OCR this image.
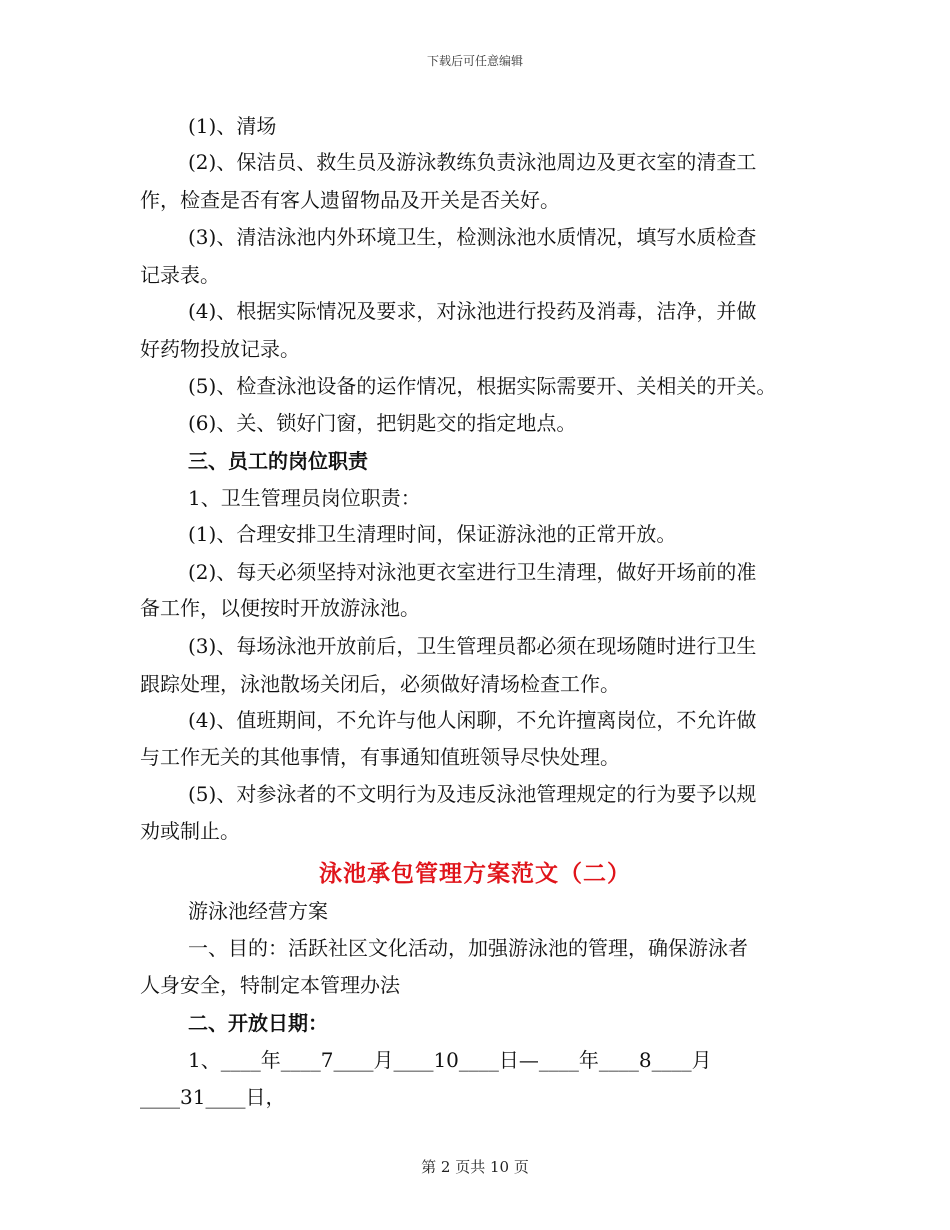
下载后可任意编辑
(1)、清场
(2)、保洁员、救生员及游泳教练负责泳池周边及更衣室的清查工
作，检查是否有客人遗留物品及开关是否关好。
(3)、清洁泳池内外环境卫生，检测泳池水质情况，填写水质检查
记录表。
(4)、根据实际情况及要求，对泳池进行投药及消毒，洁净，并做
好药物投放记录。
(5)、检查泳池设备的运作情况，根据实际需要开、关相关的开关。
(6)、关、锁好门窗，把钥匙交的指定地点。
三、员工的岗位职责
1、卫生管理员岗位职责：
(1)、合理安排卫生清理时间，保证游泳池的正常开放。
(2)、每天必须坚持对泳池更衣室进行卫生清理，做好开场前的准
备工作，以便按时开放游泳池。
(3)、每场泳池开放前后，卫生管理员都必须在现场随时进行卫生
跟踪处理，泳池散场关闭后，必须做好清场检查工作。
(4)、值班期间，不允许与他人闲聊，不允许擅离岗位，不允许做
与工作无关的其他事情，有事通知值班领导尽快处理。
(5)、对参泳者的不文明行为及违反泳池管理规定的行为要予以规
劝或制止。
泳池承包管理方案范文（二）
游泳池经营方案
一、目的：活跃社区文化活动，加强游泳池的管理，确保游泳者
人身安全，特制定本管理办法
二、开放日期：
1、____年____7____月____10____日—____年____8____月
____31____日，
第 2 页共 10 页
